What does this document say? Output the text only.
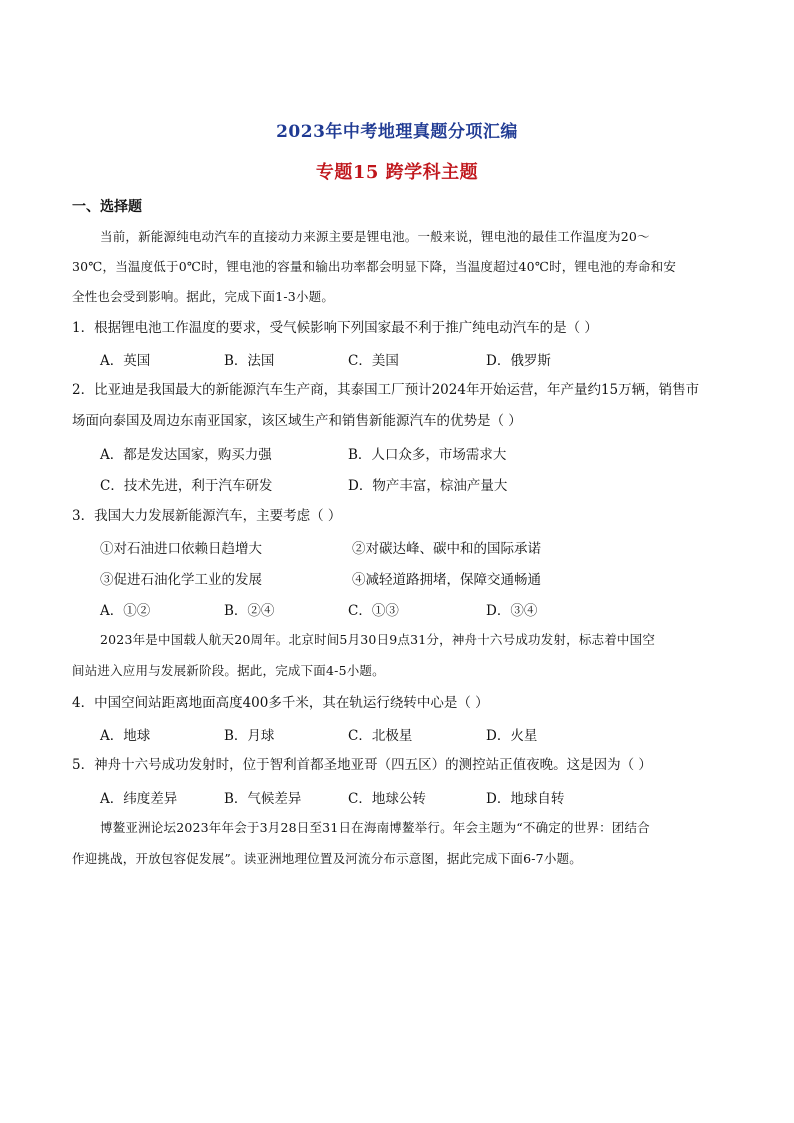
2023年中考地理真题分项汇编
专题15 跨学科主题
一、选择题
当前，新能源纯电动汽车的直接动力来源主要是锂电池。一般来说，锂电池的最佳工作温度为20～
30℃，当温度低于0℃时，锂电池的容量和输出功率都会明显下降，当温度超过40℃时，锂电池的寿命和安
全性也会受到影响。据此，完成下面1-3小题。
1．根据锂电池工作温度的要求，受气候影响下列国家最不利于推广纯电动汽车的是（ ）
A．英国	B．法国	C．美国	D．俄罗斯
2．比亚迪是我国最大的新能源汽车生产商，其泰国工厂预计2024年开始运营，年产量约15万辆，销售市
场面向泰国及周边东南亚国家，该区域生产和销售新能源汽车的优势是（ ）
A．都是发达国家，购买力强	B．人口众多，市场需求大
C．技术先进，利于汽车研发	D．物产丰富，棕油产量大
3．我国大力发展新能源汽车，主要考虑（ ）
①对石油进口依赖日趋增大	②对碳达峰、碳中和的国际承诺
③促进石油化学工业的发展	④减轻道路拥堵，保障交通畅通
A．①②	B．②④	C．①③	D．③④
2023年是中国载人航天20周年。北京时间5月30日9点31分，神舟十六号成功发射，标志着中国空
间站进入应用与发展新阶段。据此，完成下面4-5小题。
4．中国空间站距离地面高度400多千米，其在轨运行绕转中心是（ ）
A．地球	B．月球	C．北极星	D．火星
5．神舟十六号成功发射时，位于智利首都圣地亚哥（四五区）的测控站正值夜晚。这是因为（ ）
A．纬度差异	B．气候差异	C．地球公转	D．地球自转
博鳌亚洲论坛2023年年会于3月28日至31日在海南博鳌举行。年会主题为“不确定的世界：团结合
作迎挑战，开放包容促发展”。读亚洲地理位置及河流分布示意图，据此完成下面6-7小题。
